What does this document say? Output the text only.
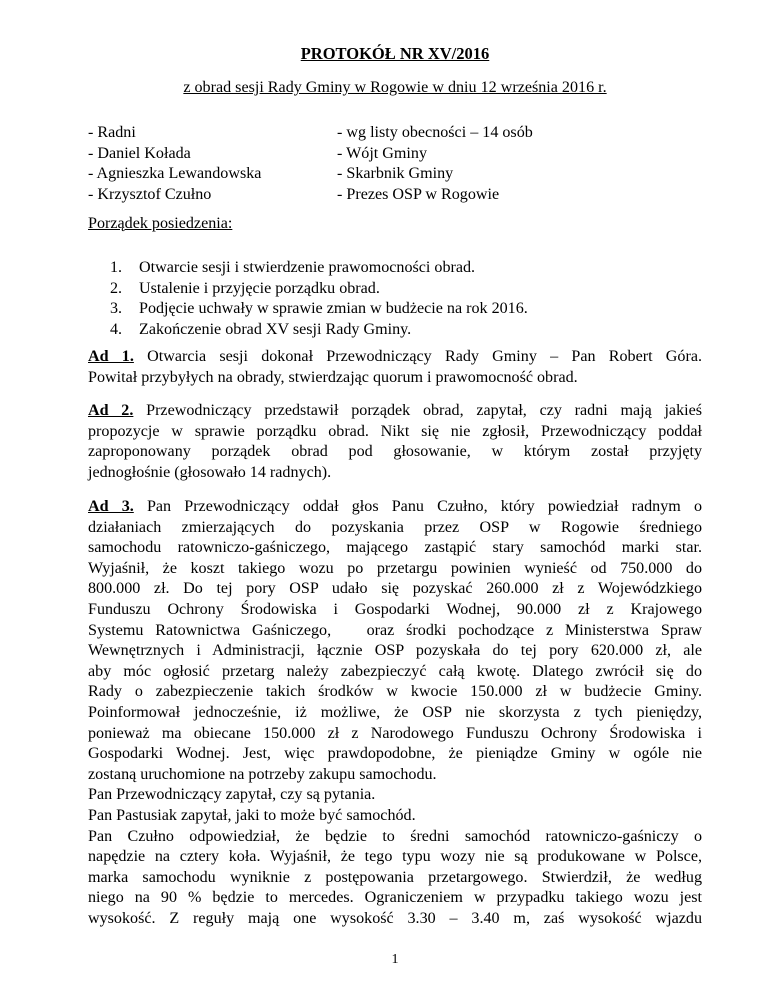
PROTOKÓŁ NR XV/2016
z obrad sesji Rady Gminy w Rogowie w dniu 12 września 2016 r.
- Radni
- Daniel Kołada
- Agnieszka Lewandowska
- Krzysztof Czułno
- wg listy obecności – 14 osób
- Wójt Gminy
- Skarbnik Gminy
- Prezes OSP w Rogowie
Porządek posiedzenia:
1. Otwarcie sesji i stwierdzenie prawomocności obrad.
2. Ustalenie i przyjęcie porządku obrad.
3. Podjęcie uchwały w sprawie zmian w budżecie na rok 2016.
4. Zakończenie obrad XV sesji Rady Gminy.
Ad 1. Otwarcia sesji dokonał Przewodniczący Rady Gminy – Pan Robert Góra.
Powitał przybyłych na obrady, stwierdzając quorum i prawomocność obrad.
Ad 2. Przewodniczący przedstawił porządek obrad, zapytał, czy radni mają jakieś
propozycje w sprawie porządku obrad. Nikt się nie zgłosił, Przewodniczący poddał
zaproponowany porządek obrad pod głosowanie, w którym został przyjęty
jednogłośnie (głosowało 14 radnych).
Ad 3. Pan Przewodniczący oddał głos Panu Czułno, który powiedział radnym o
działaniach zmierzających do pozyskania przez OSP w Rogowie średniego
samochodu ratowniczo-gaśniczego, mającego zastąpić stary samochód marki star.
Wyjaśnił, że koszt takiego wozu po przetargu powinien wynieść od 750.000 do
800.000 zł. Do tej pory OSP udało się pozyskać 260.000 zł z Wojewódzkiego
Funduszu Ochrony Środowiska i Gospodarki Wodnej, 90.000 zł z Krajowego
Systemu Ratownictwa Gaśniczego,   oraz środki pochodzące z Ministerstwa Spraw
Wewnętrznych i Administracji, łącznie OSP pozyskała do tej pory 620.000 zł, ale
aby móc ogłosić przetarg należy zabezpieczyć całą kwotę. Dlatego zwrócił się do
Rady o zabezpieczenie takich środków w kwocie 150.000 zł w budżecie Gminy.
Poinformował jednocześnie, iż możliwe, że OSP nie skorzysta z tych pieniędzy,
ponieważ ma obiecane 150.000 zł z Narodowego Funduszu Ochrony Środowiska i
Gospodarki Wodnej. Jest, więc prawdopodobne, że pieniądze Gminy w ogóle nie
zostaną uruchomione na potrzeby zakupu samochodu.
Pan Przewodniczący zapytał, czy są pytania.
Pan Pastusiak zapytał, jaki to może być samochód.
Pan Czułno odpowiedział, że będzie to średni samochód ratowniczo-gaśniczy o
napędzie na cztery koła. Wyjaśnił, że tego typu wozy nie są produkowane w Polsce,
marka samochodu wyniknie z postępowania przetargowego. Stwierdził, że według
niego na 90 % będzie to mercedes. Ograniczeniem w przypadku takiego wozu jest
wysokość. Z reguły mają one wysokość 3.30 – 3.40 m, zaś wysokość wjazdu
1
